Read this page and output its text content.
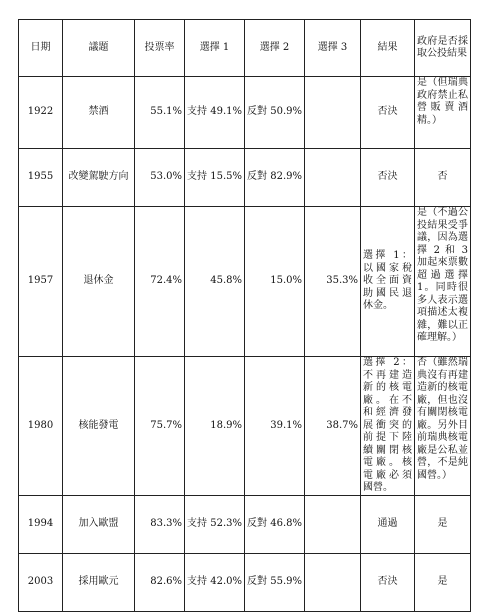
日期	議題	投票率	選擇 1	選擇 2	選擇 3	結果	政府是否採取公投結果
1922	禁酒	55.1%	支持 49.1%	反對 50.9%		否決	是（但瑞典政府禁止私營販賣酒精。）
1955	改變駕駛方向	53.0%	支持 15.5%	反對 82.9%		否決	否
1957	退休金	72.4%	45.8%	15.0%	35.3%	選擇 1：以國家稅收全面資助國民退休金。	是（不過公投結果受爭議，因為選擇 2 和 3 加起來票數超過選擇 1。同時很多人表示選項描述太複雜，難以正確理解。）
1980	核能發電	75.7%	18.9%	39.1%	38.7%	選擇 2：不再建造新的核電廠。在不和經濟發展衝突的前提下陸續關閉核電廠。核電廠必須國營。	否（雖然瑞典沒有再建造新的核電廠，但也沒有關閉核電廠。另外目前瑞典核電廠是公私並營，不是純國營。）
1994	加入歐盟	83.3%	支持 52.3%	反對 46.8%		通過	是
2003	採用歐元	82.6%	支持 42.0%	反對 55.9%		否決	是
